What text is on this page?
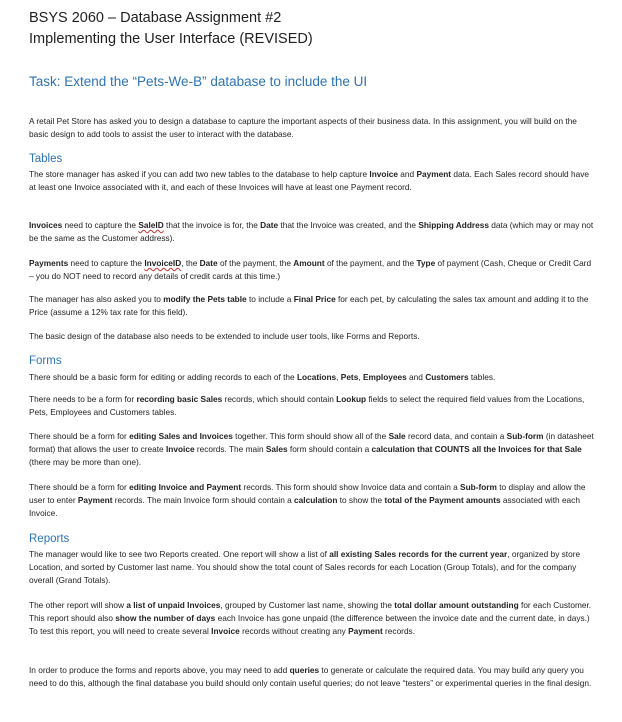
BSYS 2060 – Database Assignment #2
Implementing the User Interface (REVISED)
Task: Extend the “Pets-We-B” database to include the UI
A retail Pet Store has asked you to design a database to capture the important aspects of their business data. In this assignment, you will build on the basic design to add tools to assist the user to interact with the database.
Tables
The store manager has asked if you can add two new tables to the database to help capture Invoice and Payment data. Each Sales record should have at least one Invoice associated with it, and each of these Invoices will have at least one Payment record.
Invoices need to capture the SaleID that the invoice is for, the Date that the Invoice was created, and the Shipping Address data (which may or may not be the same as the Customer address).
Payments need to capture the InvoiceID, the Date of the payment, the Amount of the payment, and the Type of payment (Cash, Cheque or Credit Card – you do NOT need to record any details of credit cards at this time.)
The manager has also asked you to modify the Pets table to include a Final Price for each pet, by calculating the sales tax amount and adding it to the Price (assume a 12% tax rate for this field).
The basic design of the database also needs to be extended to include user tools, like Forms and Reports.
Forms
There should be a basic form for editing or adding records to each of the Locations, Pets, Employees and Customers tables.
There needs to be a form for recording basic Sales records, which should contain Lookup fields to select the required field values from the Locations, Pets, Employees and Customers tables.
There should be a form for editing Sales and Invoices together. This form should show all of the Sale record data, and contain a Sub-form (in datasheet format) that allows the user to create Invoice records. The main Sales form should contain a calculation that COUNTS all the Invoices for that Sale (there may be more than one).
There should be a form for editing Invoice and Payment records. This form should show Invoice data and contain a Sub-form to display and allow the user to enter Payment records. The main Invoice form should contain a calculation to show the total of the Payment amounts associated with each Invoice.
Reports
The manager would like to see two Reports created. One report will show a list of all existing Sales records for the current year, organized by store Location, and sorted by Customer last name. You should show the total count of Sales records for each Location (Group Totals), and for the company overall (Grand Totals).
The other report will show a list of unpaid Invoices, grouped by Customer last name, showing the total dollar amount outstanding for each Customer. This report should also show the number of days each Invoice has gone unpaid (the difference between the invoice date and the current date, in days.) To test this report, you will need to create several Invoice records without creating any Payment records.
In order to produce the forms and reports above, you may need to add queries to generate or calculate the required data. You may build any query you need to do this, although the final database you build should only contain useful queries; do not leave “testers” or experimental queries in the final design.
